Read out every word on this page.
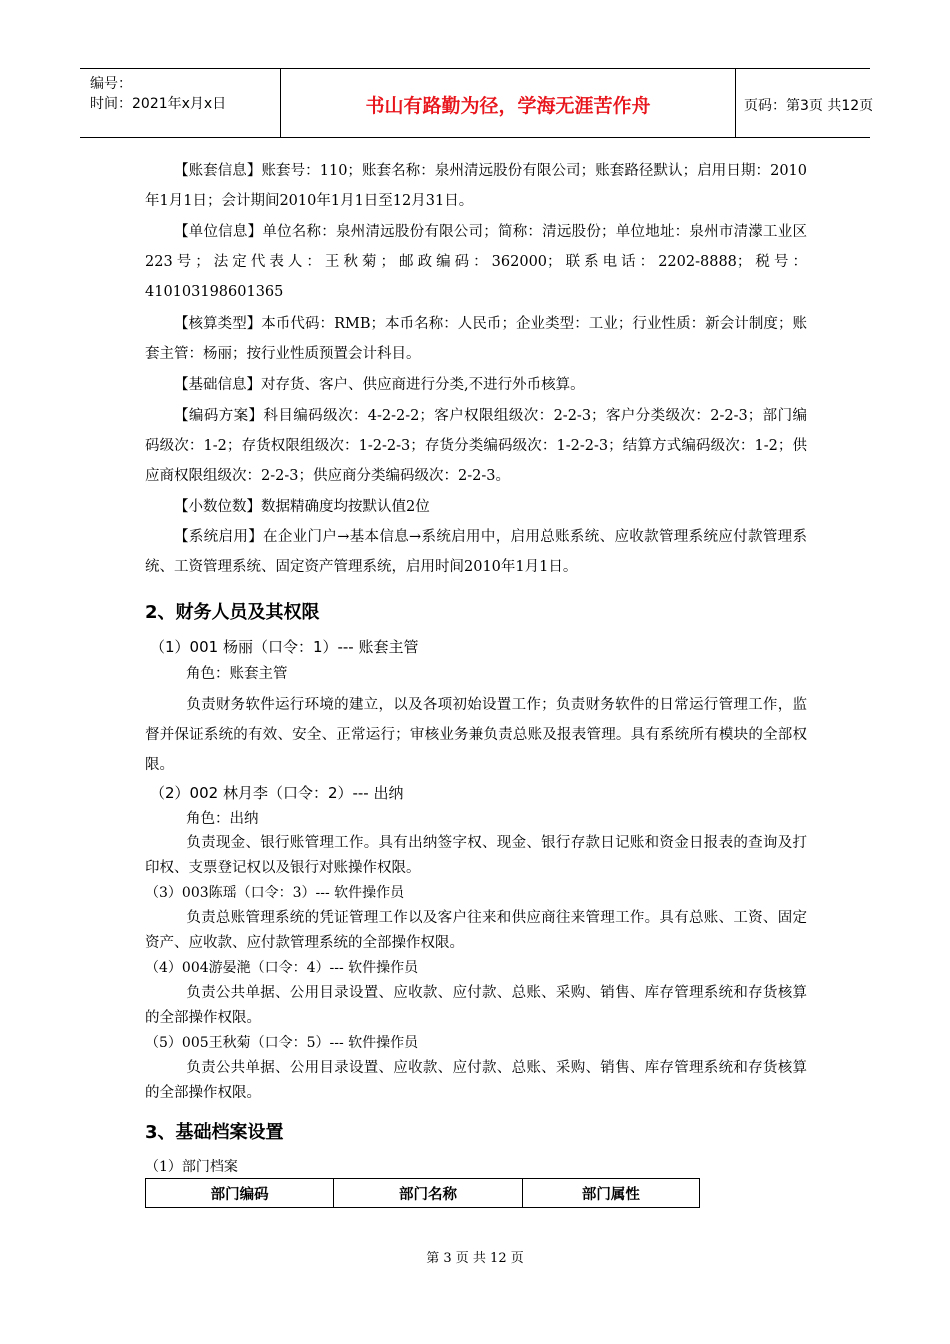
编号：
时间：2021年x月x日	书山有路勤为径，学海无涯苦作舟	页码：第3页 共12页

【账套信息】账套号：110；账套名称：泉州清远股份有限公司；账套路径默认；启用日期：2010年1月1日；会计期间2010年1月1日至12月31日。

【单位信息】单位名称：泉州清远股份有限公司；简称：清远股份；单位地址：泉州市清濛工业区223号；法定代表人：王秋菊；邮政编码：362000；联系电话：2202-8888；税号：410103198601365

【核算类型】本币代码：RMB；本币名称：人民币；企业类型：工业；行业性质：新会计制度；账套主管：杨丽；按行业性质预置会计科目。

【基础信息】对存货、客户、供应商进行分类,不进行外币核算。

【编码方案】科目编码级次：4-2-2-2；客户权限组级次：2-2-3；客户分类级次：2-2-3；部门编码级次：1-2；存货权限组级次：1-2-2-3；存货分类编码级次：1-2-2-3；结算方式编码级次：1-2；供应商权限组级次：2-2-3；供应商分类编码级次：2-2-3。

【小数位数】数据精确度均按默认值2位

【系统启用】在企业门户→基本信息→系统启用中，启用总账系统、应收款管理系统应付款管理系统、工资管理系统、固定资产管理系统，启用时间2010年1月1日。

2、财务人员及其权限

（1）001 杨丽（口令：1）--- 账套主管

角色：账套主管

负责财务软件运行环境的建立，以及各项初始设置工作；负责财务软件的日常运行管理工作，监督并保证系统的有效、安全、正常运行；审核业务兼负责总账及报表管理。具有系统所有模块的全部权限。

（2）002 林月李（口令：2）--- 出纳

角色：出纳

负责现金、银行账管理工作。具有出纳签字权、现金、银行存款日记账和资金日报表的查询及打印权、支票登记权以及银行对账操作权限。

（3）003陈瑶（口令：3）--- 软件操作员

负责总账管理系统的凭证管理工作以及客户往来和供应商往来管理工作。具有总账、工资、固定资产、应收款、应付款管理系统的全部操作权限。

（4）004游晏滟（口令：4）--- 软件操作员

负责公共单据、公用目录设置、应收款、应付款、总账、采购、销售、库存管理系统和存货核算的全部操作权限。

（5）005王秋菊（口令：5）--- 软件操作员

负责公共单据、公用目录设置、应收款、应付款、总账、采购、销售、库存管理系统和存货核算的全部操作权限。

3、基础档案设置

（1）部门档案

部门编码	部门名称	部门属性
第 3 页 共 12 页
